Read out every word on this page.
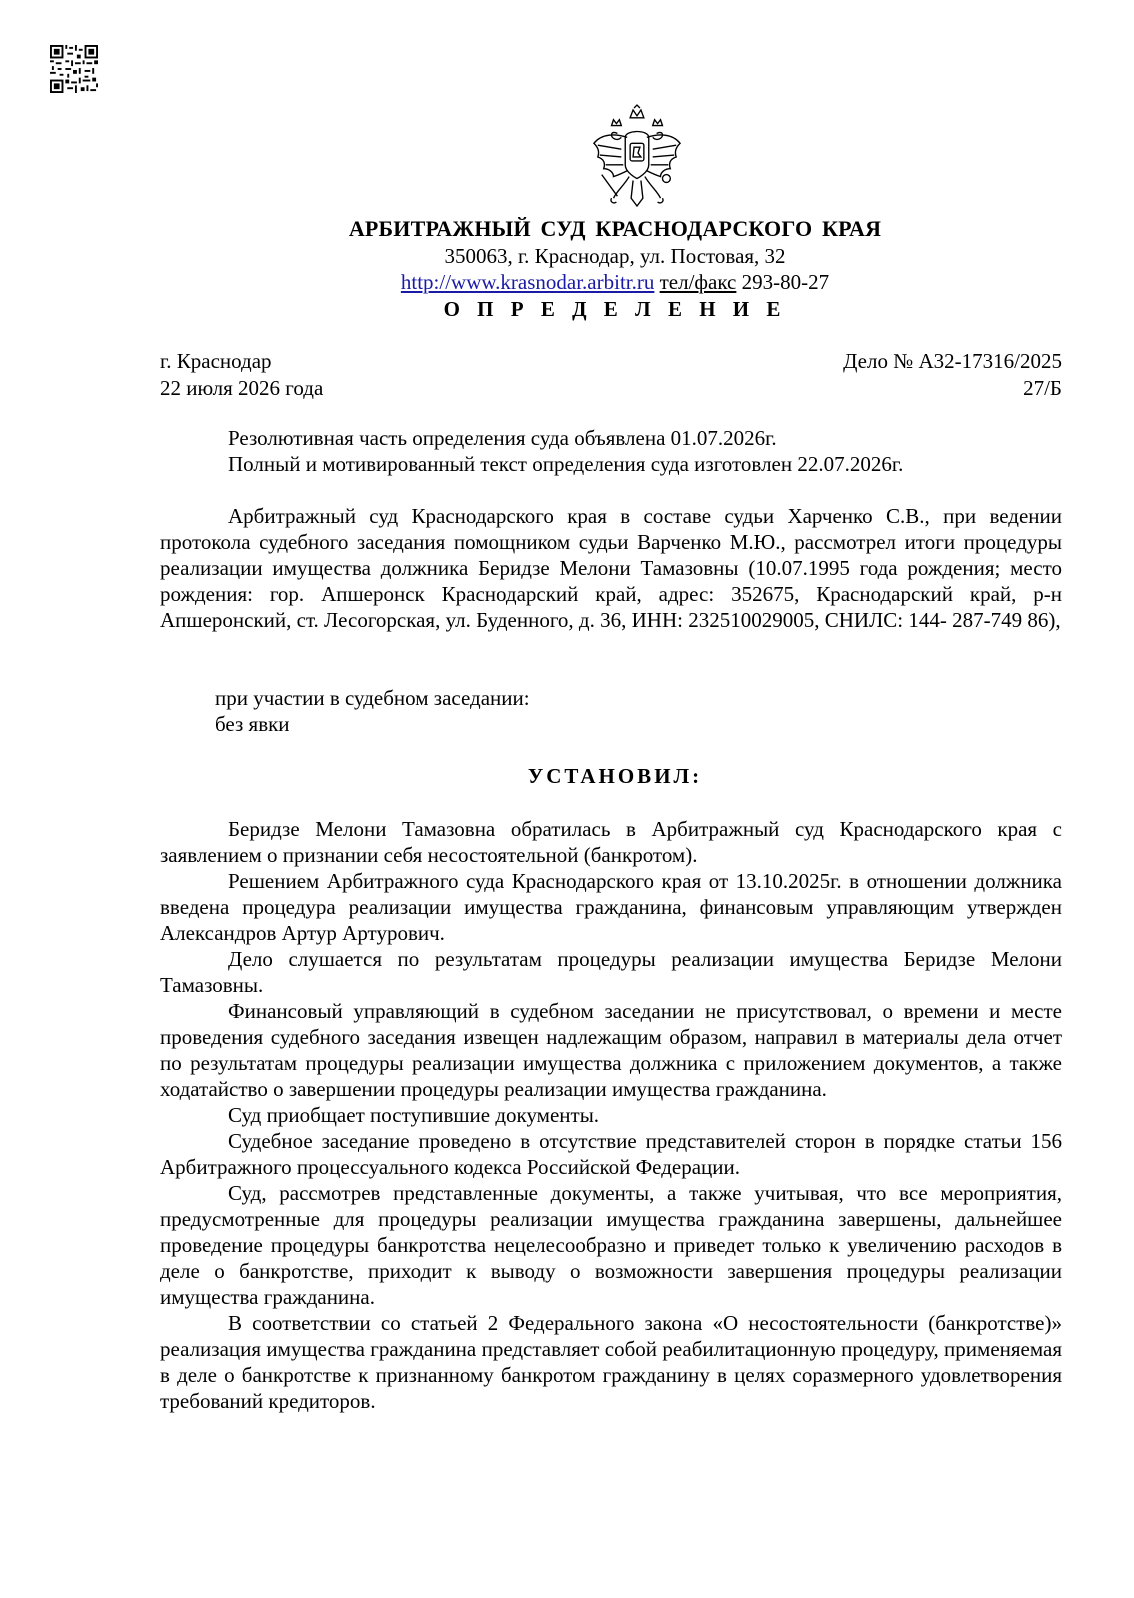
АРБИТРАЖНЫЙ СУД КРАСНОДАРСКОГО КРАЯ
350063, г. Краснодар, ул. Постовая, 32
http://www.krasnodar.arbitr.ru тел/факс 293-80-27
О П Р Е Д Е Л Е Н И Е
г. Краснодар
22 июля 2026 года
Дело № А32-17316/2025
27/Б

Резолютивная часть определения суда объявлена 01.07.2026г.

Полный и мотивированный текст определения суда изготовлен 22.07.2026г.

Арбитражный суд Краснодарского края в составе судьи Харченко С.В., при ведении протокола судебного заседания помощником судьи Варченко М.Ю., рассмотрел итоги процедуры реализации имущества должника Беридзе Мелони Тамазовны (10.07.1995 года рождения; место рождения: гор. Апшеронск Краснодарский край, адрес: 352675, Краснодарский край, р-н Апшеронский, ст. Лесогорская, ул. Буденного, д. 36, ИНН: 232510029005, СНИЛС: 144- 287-749 86),

при участии в судебном заседании:
без явки
УСТАНОВИЛ:

Беридзе Мелони Тамазовна обратилась в Арбитражный суд Краснодарского края с заявлением о признании себя несостоятельной (банкротом).

Решением Арбитражного суда Краснодарского края от 13.10.2025г. в отношении должника введена процедура реализации имущества гражданина, финансовым управляющим утвержден Александров Артур Артурович.

Дело слушается по результатам процедуры реализации имущества Беридзе Мелони Тамазовны.

Финансовый управляющий в судебном заседании не присутствовал, о времени и месте проведения судебного заседания извещен надлежащим образом, направил в материалы дела отчет по результатам процедуры реализации имущества должника с приложением документов, а также ходатайство о завершении процедуры реализации имущества гражданина.

Суд приобщает поступившие документы.

Судебное заседание проведено в отсутствие представителей сторон в порядке статьи 156 Арбитражного процессуального кодекса Российской Федерации.

Суд, рассмотрев представленные документы, а также учитывая, что все мероприятия, предусмотренные для процедуры реализации имущества гражданина завершены, дальнейшее проведение процедуры банкротства нецелесообразно и приведет только к увеличению расходов в деле о банкротстве, приходит к выводу о возможности завершения процедуры реализации имущества гражданина.

В соответствии со статьей 2 Федерального закона «О несостоятельности (банкротстве)» реализация имущества гражданина представляет собой реабилитационную процедуру, применяемая в деле о банкротстве к признанному банкротом гражданину в целях соразмерного удовлетворения требований кредиторов.
